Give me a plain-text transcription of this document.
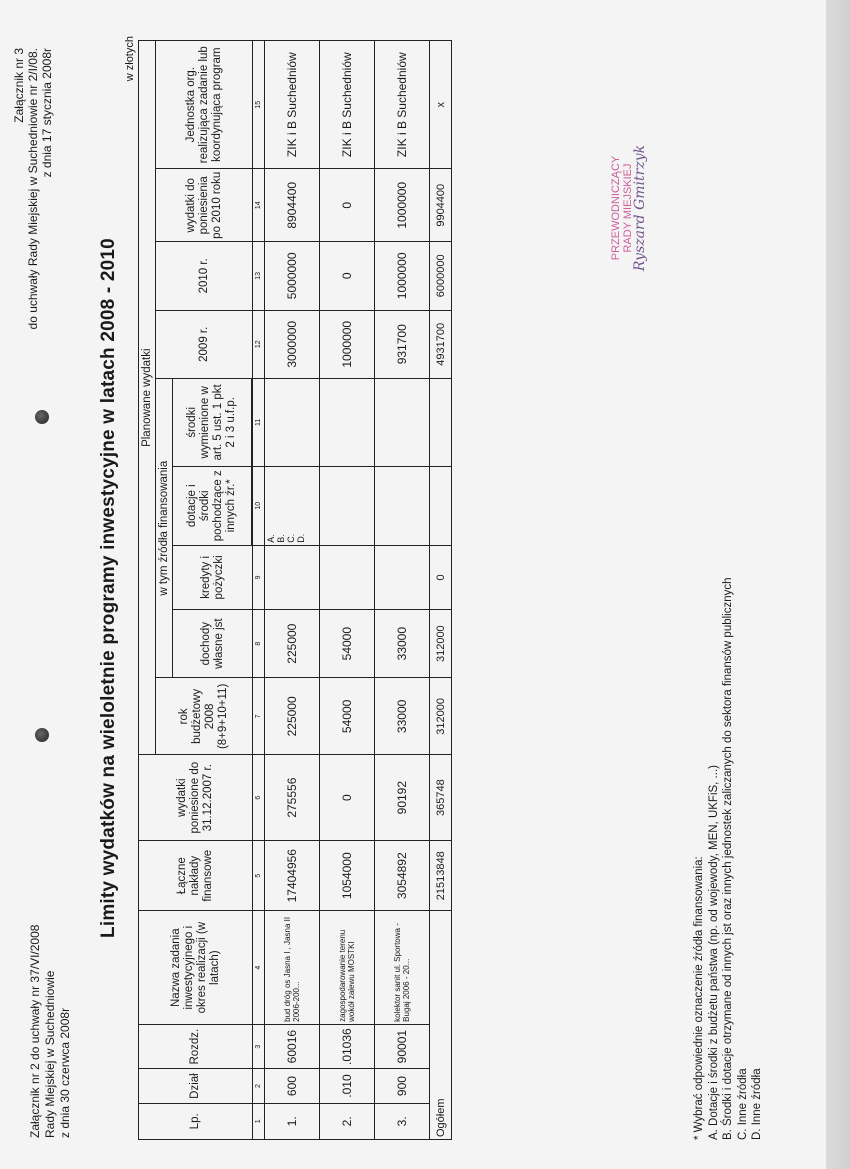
Załącznik nr 2 do uchwały nr 37/VI/2008 Rady Miejskiej w Suchedniowie z dnia 30 czerwca 2008r
Załącznik nr 3 do uchwały Rady Miejskiej w Suchedniowie nr 2/I/08. z dnia 17 stycznia 2008r
Limity wydatków na wieloletnie programy inwestycyjne w latach 2008 - 2010
w złotych
Lp.	Dział	Rozdz.	Nazwa zadania inwestycyjnego i okres realizacji (w latach)	Łączne nakłady finansowe	wydatki poniesione do 31.12.2007 r.	Planowane wydatki								
						rok budżetowy 2008 (8+9+10+11)	w tym źródła finansowania				2009 r.	2010 r.	wydatki do poniesienia po 2010 roku	Jednostka org. realizująca zadanie lub koordynująca program
							dochody własne jst	kredyty i pożyczki	dotacje i środki pochodzące z innych źr.*	środki wymienione w art. 5 ust. 1 pkt 2 i 3 u.f.p.				

1	2	3	4	5	6	7	8	9	10	11	12	13	14	15
1.	600	60016	bud dróg os Jasna I , Jasna II 2006-200...	17404956	275556	225000	225000		A. B. C. D.		3000000	5000000	8904400	ZIK i B Suchedniów
2.	.010	.01036	zagospodarowanie terenu wokół zalewu MOSTKI	1054000	0	54000	54000				1000000	0	0	ZIK i B Suchedniów
3.	900	90001	kolektor sanit ul. Sportowa - Bugaj 2006 - 20...	3054892	90192	33000	33000				931700	1000000	1000000	ZIK i B Suchedniów
Ogółem				21513848	365748	312000	312000	0			4931700	6000000	9904400	x
* Wybrać odpowiednie oznaczenie źródła finansowania: A. Dotacje i środki z budżetu państwa (np. od wojewody, MEN, UKFiS, ...) B. Środki i dotacje otrzymane od innych jst oraz innych jednostek zaliczanych do sektora finansów publicznych C. Inne źródła D. Inne źródła
PRZEWODNICZĄCY RADY MIEJSKIEJ
Ryszard Gmitrzyk
